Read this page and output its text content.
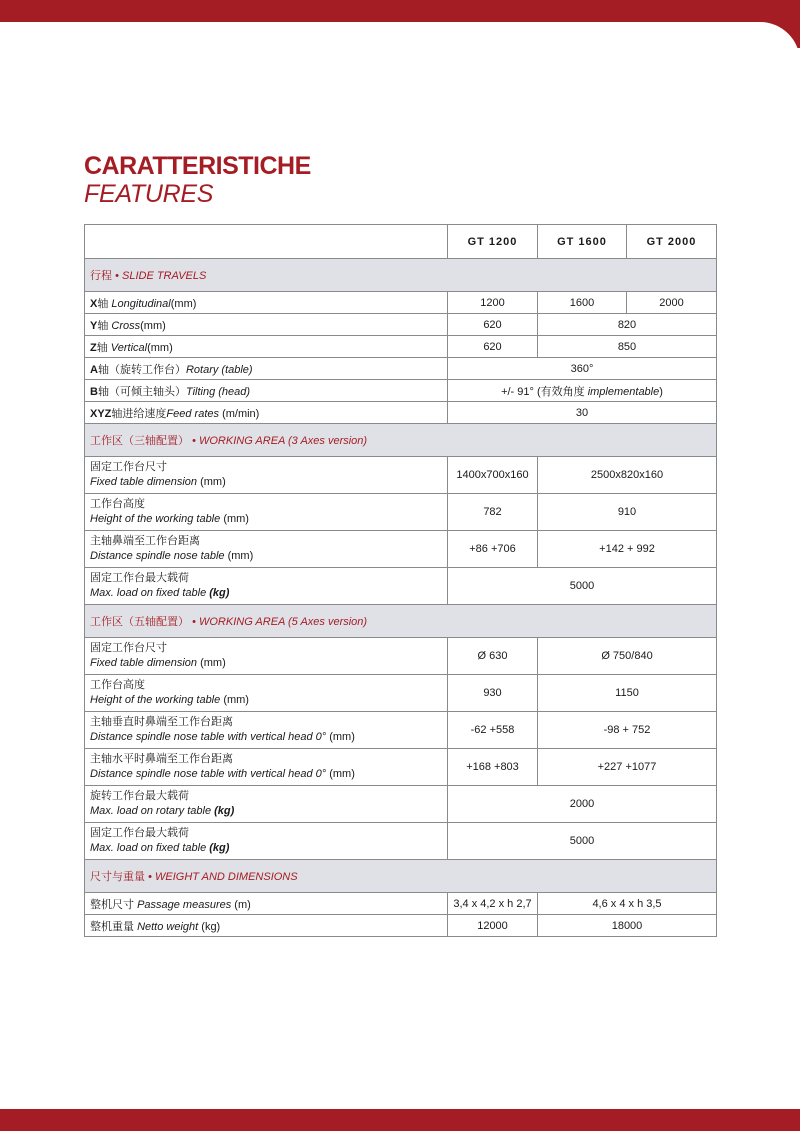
CARATTERISTICHE
FEATURES
	GT 1200	GT 1600	GT 2000
行程 • SLIDE TRAVELS			
X轴 Longitudinal(mm)	1200	1600	2000
Y轴 Cross(mm)	620	820	
Z轴 Vertical(mm)	620	850	
A轴（旋转工作台）Rotary (table)	360°		
B轴（可倾主轴头）Tilting (head)	+/- 91° (有效角度 implementable)		
XYZ轴进给速度Feed rates (m/min)	30		
工作区（三轴配置） • WORKING AREA (3 Axes version)			

固定工作台尺寸
Fixed table dimension (mm)	1400x700x160	2500x820x160	

工作台高度
Height of the working table (mm)	782	910	

主轴鼻端至工作台距离
Distance spindle nose table (mm)	+86 +706	+142 + 992	

固定工作台最大载荷
Max. load on fixed table (kg)	5000		
工作区（五轴配置） • WORKING AREA (5 Axes version)			

固定工作台尺寸
Fixed table dimension (mm)	Ø 630	Ø 750/840	

工作台高度
Height of the working table (mm)	930	1150	

主轴垂直时鼻端至工作台距离
Distance spindle nose table with vertical head 0° (mm)	-62 +558	-98 + 752	

主轴水平时鼻端至工作台距离
Distance spindle nose table with vertical head 0° (mm)	+168 +803	+227 +1077	

旋转工作台最大载荷
Max. load on rotary table (kg)	2000		

固定工作台最大载荷
Max. load on fixed table (kg)	5000		
尺寸与重量 • WEIGHT AND DIMENSIONS			
整机尺寸 Passage measures (m)	3,4 x 4,2 x h 2,7	4,6 x 4 x h 3,5	
整机重量 Netto weight (kg)	12000	18000	
